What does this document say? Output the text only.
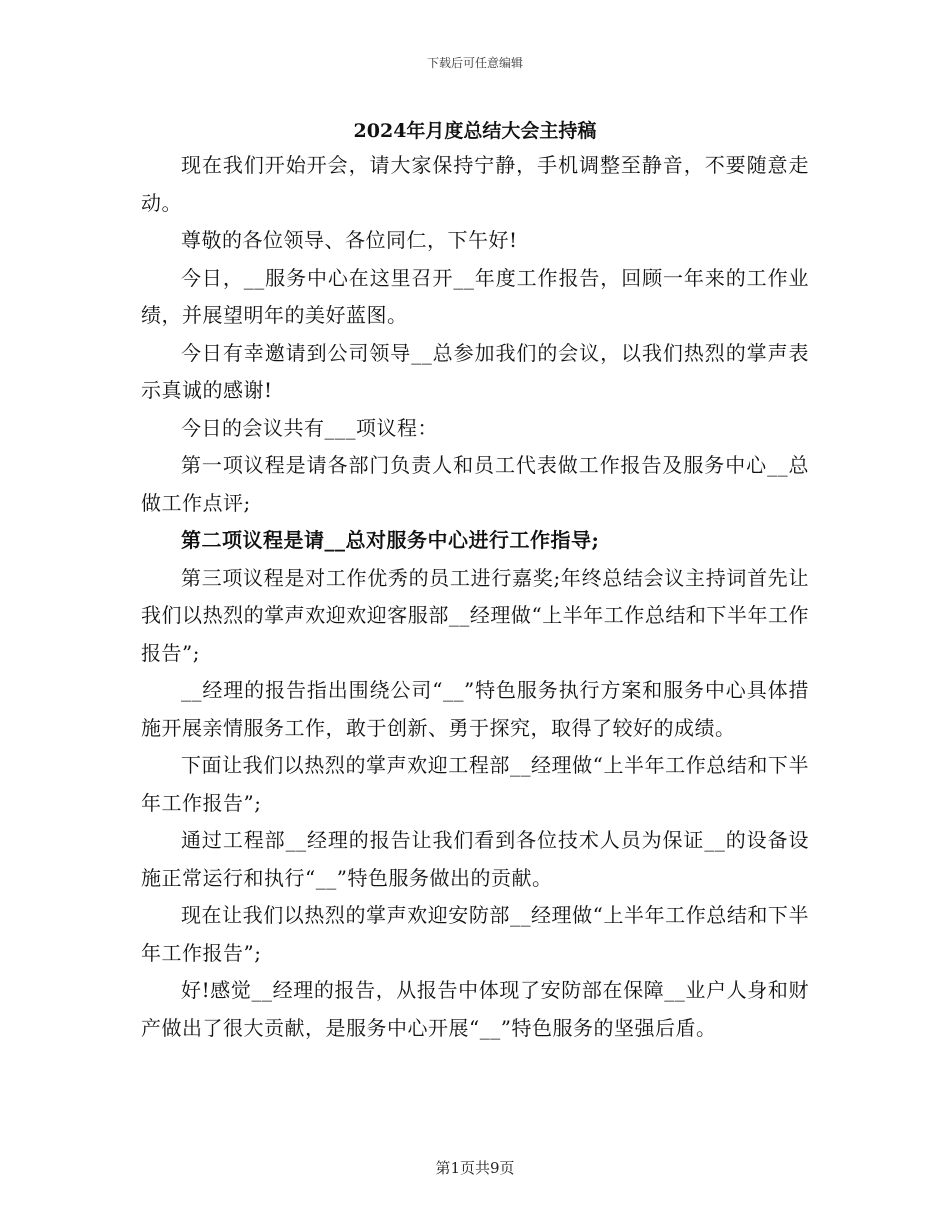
下载后可任意编辑
2024年月度总结大会主持稿

现在我们开始开会，请大家保持宁静，手机调整至静音，不要随意走动。

尊敬的各位领导、各位同仁，下午好!

今日，__服务中心在这里召开__年度工作报告，回顾一年来的工作业绩，并展望明年的美好蓝图。

今日有幸邀请到公司领导__总参加我们的会议，以我们热烈的掌声表示真诚的感谢!

今日的会议共有___项议程：

第一项议程是请各部门负责人和员工代表做工作报告及服务中心__总做工作点评;

第二项议程是请__总对服务中心进行工作指导;

第三项议程是对工作优秀的员工进行嘉奖;年终总结会议主持词首先让我们以热烈的掌声欢迎欢迎客服部__经理做“上半年工作总结和下半年工作报告”;

__经理的报告指出围绕公司“__”特色服务执行方案和服务中心具体措施开展亲情服务工作，敢于创新、勇于探究，取得了较好的成绩。

下面让我们以热烈的掌声欢迎工程部__经理做“上半年工作总结和下半年工作报告”;

通过工程部__经理的报告让我们看到各位技术人员为保证__的设备设施正常运行和执行“__”特色服务做出的贡献。

现在让我们以热烈的掌声欢迎安防部__经理做“上半年工作总结和下半年工作报告”;

好!感觉__经理的报告，从报告中体现了安防部在保障__业户人身和财产做出了很大贡献，是服务中心开展“__”特色服务的坚强后盾。

第1页共9页
